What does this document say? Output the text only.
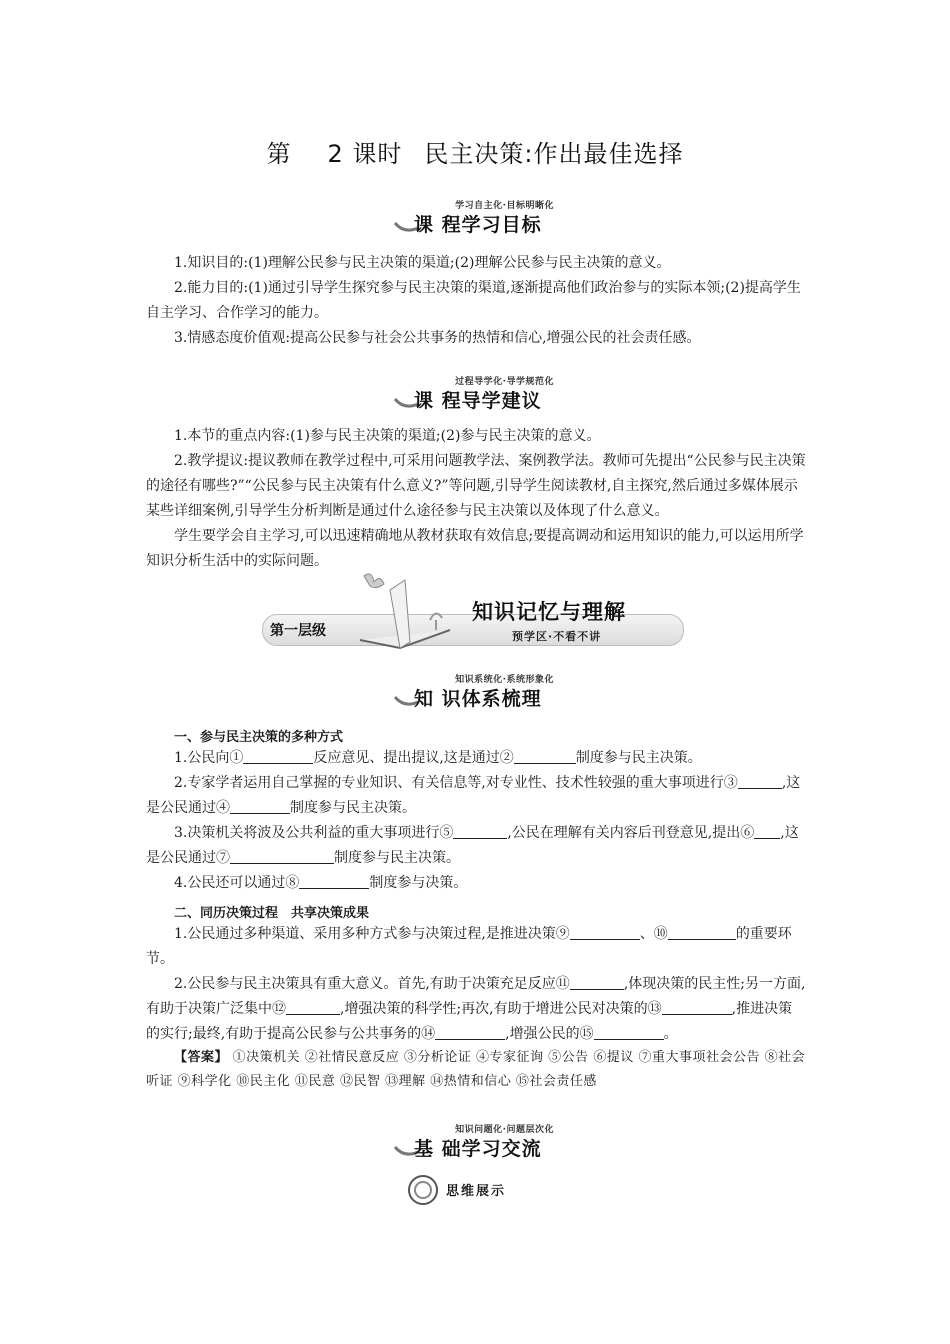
第 2 课时 民主决策:作出最佳选择
学习自主化·目标明晰化
课 程学习目标
1.知识目的:(1)理解公民参与民主决策的渠道;(2)理解公民参与民主决策的意义。
2.能力目的:(1)通过引导学生探究参与民主决策的渠道,逐渐提高他们政治参与的实际本领;(2)提高学生自主学习、合作学习的能力。
3.情感态度价值观:提高公民参与社会公共事务的热情和信心,增强公民的社会责任感。
过程导学化·导学规范化
课 程导学建议
1.本节的重点内容:(1)参与民主决策的渠道;(2)参与民主决策的意义。
2.教学提议:提议教师在教学过程中,可采用问题教学法、案例教学法。教师可先提出“公民参与民主决策的途径有哪些?”“公民参与民主决策有什么意义?”等问题,引导学生阅读教材,自主探究,然后通过多媒体展示某些详细案例,引导学生分析判断是通过什么途径参与民主决策以及体现了什么意义。
学生要学会自主学习,可以迅速精确地从教材获取有效信息;要提高调动和运用知识的能力,可以运用所学知识分析生活中的实际问题。
第一层级
知识记忆与理解
预学区·不看不讲
知识系统化·系统形象化
知 识体系梳理
一、参与民主决策的多种方式
1.公民向①	反应意见、提出提议,这是通过②	制度参与民主决策。
2.专家学者运用自己掌握的专业知识、有关信息等,对专业性、技术性较强的重大事项进行③	,这是公民通过④	制度参与民主决策。
3.决策机关将波及公共利益的重大事项进行⑤	,公民在理解有关内容后刊登意见,提出⑥ ,这是公民通过⑦	制度参与民主决策。
4.公民还可以通过⑧	制度参与决策。
二、同历决策过程　共享决策成果
1.公民通过多种渠道、采用多种方式参与决策过程,是推进决策⑨	、⑩	的重要环节。
2.公民参与民主决策具有重大意义。首先,有助于决策充足反应⑪	,体现决策的民主性;另一方面,有助于决策广泛集中⑫	,增强决策的科学性;再次,有助于增进公民对决策的⑬	,推进决策的实行;最终,有助于提高公民参与公共事务的⑭	,增强公民的⑮	。
【答案】 ①决策机关 ②社情民意反应 ③分析论证 ④专家征询 ⑤公告 ⑥提议 ⑦重大事项社会公告 ⑧社会听证 ⑨科学化 ⑩民主化 ⑪民意 ⑫民智 ⑬理解 ⑭热情和信心 ⑮社会责任感
知识问题化·问题层次化
基 础学习交流
思维展示
